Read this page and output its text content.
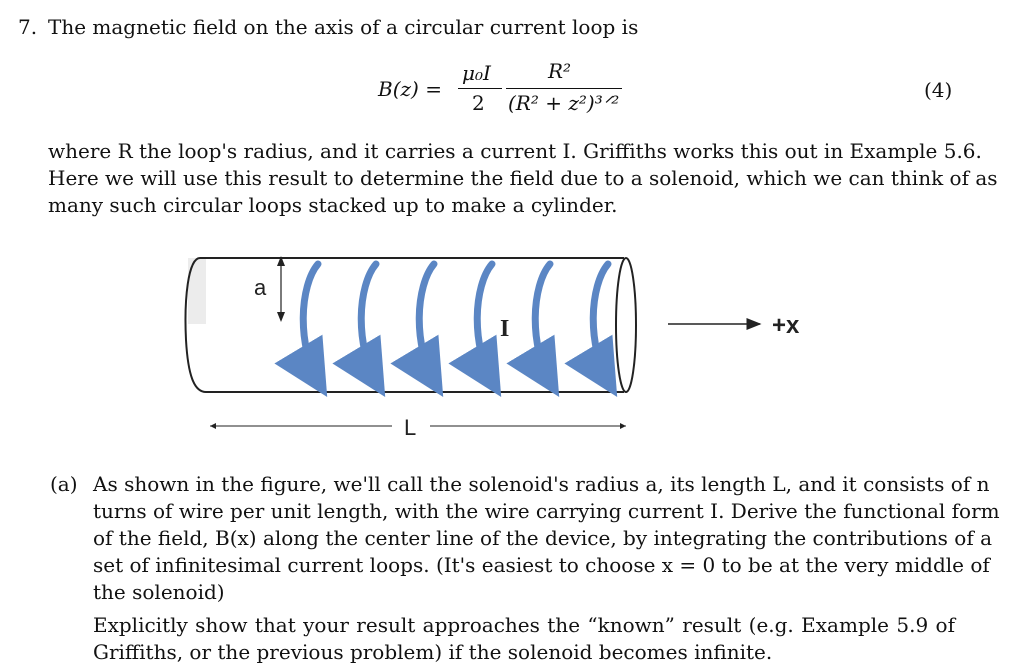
7. The magnetic field on the axis of a circular current loop is
B(z) =
μ₀I
2
R²
(R² + z²)³ᐟ²
(4)
where R the loop's radius, and it carries a current I. Griffiths works this out in Example 5.6.
Here we will use this result to determine the field due to a solenoid, which we can think of as
many such circular loops stacked up to make a cylinder.
a
I	+x
L
(a) As shown in the figure, we'll call the solenoid's radius a, its length L, and it consists of n
turns of wire per unit length, with the wire carrying current I. Derive the functional form
of the field, B(x) along the center line of the device, by integrating the contributions of a
set of infinitesimal current loops. (It's easiest to choose x = 0 to be at the very middle of
the solenoid)
Explicitly show that your result approaches the “known” result (e.g. Example 5.9 of
Griffiths, or the previous problem) if the solenoid becomes infinite.
